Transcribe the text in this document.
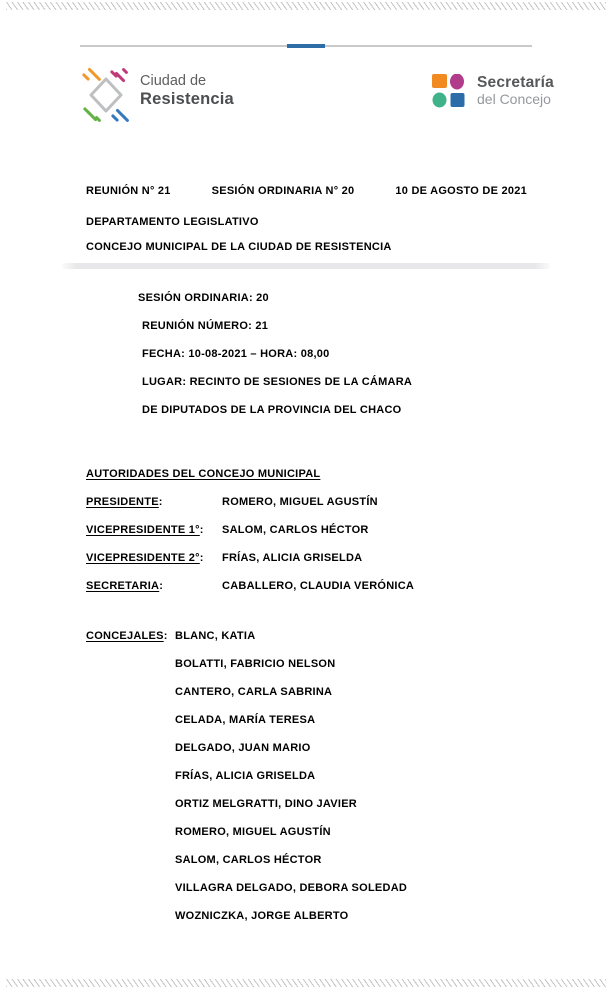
Ciudad de
Resistencia
Secretaría
del Concejo
REUNIÓN N° 21	SESIÓN ORDINARIA N° 20	10 DE AGOSTO DE 2021
DEPARTAMENTO LEGISLATIVO
CONCEJO MUNICIPAL DE LA CIUDAD DE RESISTENCIA
SESIÓN ORDINARIA: 20
REUNIÓN NÚMERO: 21
FECHA: 10-08-2021 – HORA: 08,00
LUGAR: RECINTO DE SESIONES DE LA CÁMARA
DE DIPUTADOS DE LA PROVINCIA DEL CHACO
AUTORIDADES DEL CONCEJO MUNICIPAL
PRESIDENTE:	ROMERO, MIGUEL AGUSTÍN
VICEPRESIDENTE 1°: SALOM, CARLOS HÉCTOR
VICEPRESIDENTE 2°: FRÍAS, ALICIA GRISELDA
SECRETARIA:	CABALLERO, CLAUDIA VERÓNICA
CONCEJALES: BLANC, KATIA
BOLATTI, FABRICIO NELSON
CANTERO, CARLA SABRINA
CELADA, MARÍA TERESA
DELGADO, JUAN MARIO
FRÍAS, ALICIA GRISELDA
ORTIZ MELGRATTI, DINO JAVIER
ROMERO, MIGUEL AGUSTÍN
SALOM, CARLOS HÉCTOR
VILLAGRA DELGADO, DEBORA SOLEDAD
WOZNICZKA, JORGE ALBERTO
